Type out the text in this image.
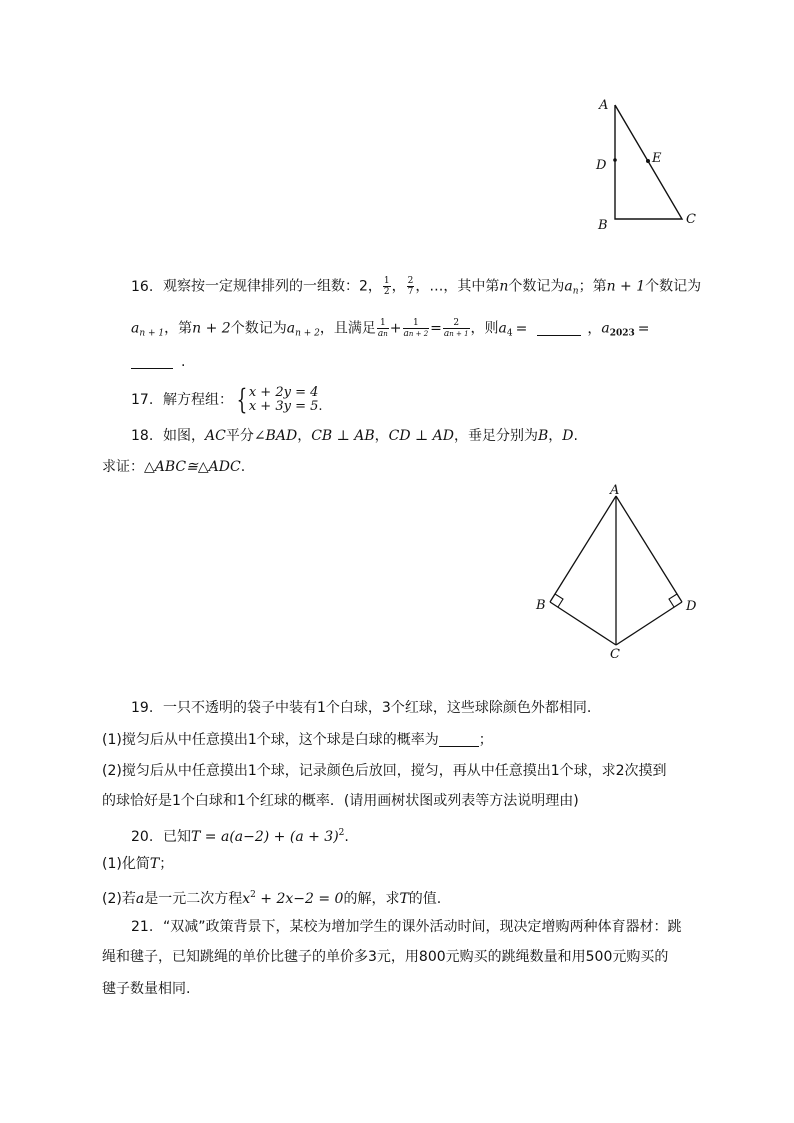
A
D	E
B	C
16. 观察按一定规律排列的一组数：2， $\frac{1}{2}$ ， $\frac{2}{7}$ ，…，其中第n个数记为$a_n$；第n + 1个数记为
$a_{n + 1}$，第n + 2个数记为$a_{n + 2}$，且满足 $\frac{1}{an} + \frac{1}{an + 2} = \frac{2}{an + 1}$ ，则$a_4$ =	，$a_{2023}$ =
.
17. 解方程组： { x + 2y = 4
x + 3y = 5.
18. 如图，AC平分∠BAD，CB ⊥ AB，CD ⊥ AD，垂足分别为B，D.
求证：△ABC≅△ADC.
A
B
C
D
19. 一只不透明的袋子中装有1个白球，3个红球，这些球除颜色外都相同.
(1)搅匀后从中任意摸出1个球，这个球是白球的概率为	；
(2)搅匀后从中任意摸出1个球，记录颜色后放回，搅匀，再从中任意摸出1个球，求2次摸到
的球恰好是1个白球和1个红球的概率．(请用画树状图或列表等方法说明理由)
20. 已知$T = a(a-2) + (a + 3)^2$.
(1)化简T；
(2)若a是一元二次方程$x^2 + 2x-2 = 0$的解，求T的值.
21. “双减”政策背景下，某校为增加学生的课外活动时间，现决定增购两种体育器材：跳
绳和毽子，已知跳绳的单价比毽子的单价多3元，用800元购买的跳绳数量和用500元购买的
毽子数量相同.
